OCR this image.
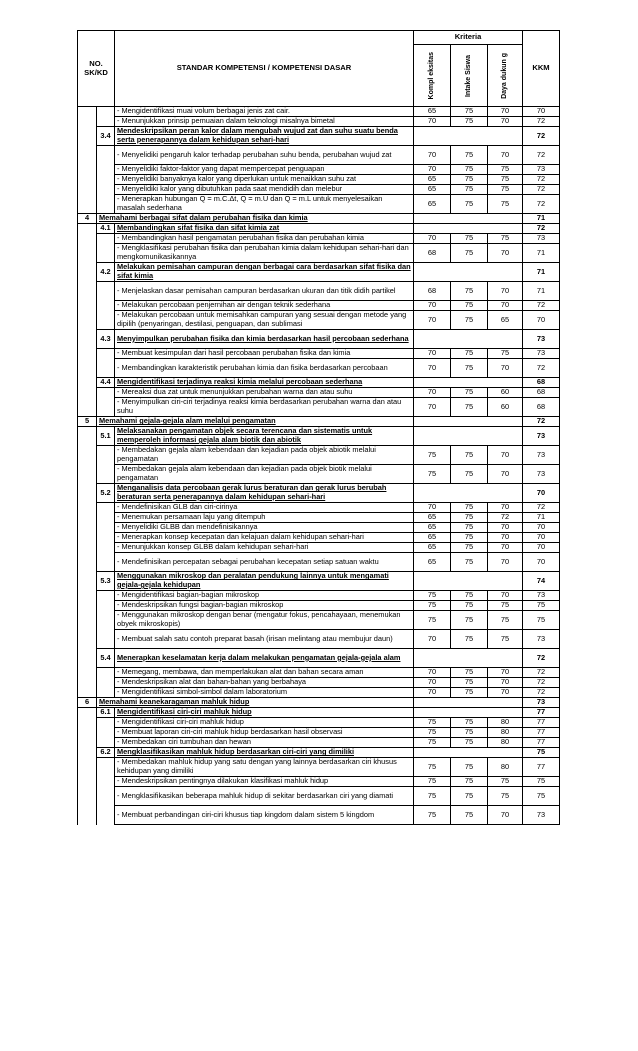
NO. SK/KD		STANDAR KOMPETENSI / KOMPETENSI DASAR	Kriteria			KKM

			Kompl eksitas	Intake Siswa	Daya dukun g	

		- Mengidentifikasi muai volum berbagai jenis zat cair.	65	75	70	70
		- Menunjukkan prinsip pemuaian dalam teknologi misalnya bimetal	70	75	70	72
	3.4	Mendeskripsikan peran kalor dalam mengubah wujud zat dan suhu suatu benda serta penerapannya dalam kehidupan sehari-hari				72
		- Menyelidiki pengaruh kalor terhadap perubahan suhu benda, perubahan wujud zat	70	75	70	72
		- Menyelidiki faktor-faktor yang dapat mempercepat penguapan	70	75	75	73
		- Menyelidiki banyaknya kalor yang diperlukan untuk menaikkan suhu zat	65	75	75	72
		- Menyelidiki kalor yang dibutuhkan pada saat mendidih dan melebur	65	75	75	72
		- Menerapkan hubungan Q = m.C.Δt, Q = m.U dan Q = m.L untuk menyelesaikan masalah sederhana	65	75	75	72
4	Memahami berbagai sifat dalam perubahan fisika dan kimia					71
	4.1	Membandingkan sifat fisika dan sifat kimia zat				72
		- Membandingkan hasil pengamatan perubahan fisika dan perubahan kimia	70	75	75	73
		- Mengklasifikasi perubahan fisika dan perubahan kimia dalam kehidupan sehari-hari dan mengkomunikasikannya	68	75	70	71
	4.2	Melakukan pemisahan campuran dengan berbagai cara berdasarkan sifat fisika dan sifat kimia				71
		- Menjelaskan dasar pemisahan campuran berdasarkan ukuran dan titik didih partikel	68	75	70	71
		- Melakukan percobaan penjernihan air dengan teknik sederhana	70	75	70	72
		- Melakukan percobaan untuk memisahkan campuran yang sesuai dengan metode yang dipilih (penyaringan, destilasi, penguapan, dan sublimasi	70	75	65	70
	4.3	Menyimpulkan perubahan fisika dan kimia berdasarkan hasil percobaan sederhana				73
		- Membuat kesimpulan dari hasil percobaan perubahan fisika dan kimia	70	75	75	73
		- Membandingkan karakteristik perubahan kimia dan fisika berdasarkan percobaan	70	75	70	72
	4.4	Mengidentifikasi terjadinya reaksi kimia melalui percobaan sederhana				68
		- Mereaksi dua zat untuk menunjukkan perubahan warna dan atau suhu	70	75	60	68
		- Menyimpulkan ciri-ciri terjadinya reaksi kimia berdasarkan perubahan warna dan atau suhu	70	75	60	68
5	Memahami gejala-gejala alam melalui pengamatan					72
	5.1	Melaksanakan pengamatan objek secara terencana dan sistematis untuk memperoleh informasi gejala alam biotik dan abiotik				73
		- Membedakan gejala alam kebendaan dan kejadian pada objek abiotik melalui pengamatan	75	75	70	73
		- Membedakan gejala alam kebendaan dan kejadian pada objek biotik melalui pengamatan	75	75	70	73
	5.2	Menganalisis data percobaan gerak lurus beraturan dan gerak lurus berubah beraturan serta penerapannya dalam kehidupan sehari-hari				70
		- Mendefinisikan GLB dan ciri-cirinya	70	75	70	72
		- Menemukan persamaan laju yang ditempuh	65	75	72	71
		- Menyelidiki GLBB dan mendefinisikannya	65	75	70	70
		- Menerapkan konsep kecepatan dan kelajuan dalam kehidupan sehari-hari	65	75	70	70
		- Menunjukkan konsep GLBB dalam kehidupan sehari-hari	65	75	70	70
		- Mendefinisikan percepatan sebagai perubahan kecepatan setiap satuan waktu	65	75	70	70
	5.3	Menggunakan mikroskop dan peralatan pendukung lainnya untuk mengamati gejala-gejala kehidupan				74
		- Mengidentifikasi bagian-bagian mikroskop	75	75	70	73
		- Mendeskripsikan fungsi bagian-bagian mikroskop	75	75	75	75
		- Menggunakan mikroskop dengan benar (mengatur fokus, pencahayaan, menemukan obyek mikroskopis)	75	75	75	75
		- Membuat salah satu contoh preparat basah (irisan melintang atau membujur daun)	70	75	75	73
	5.4	Menerapkan keselamatan kerja dalam melakukan pengamatan gejala-gejala alam				72
		- Memegang, membawa, dan memperlakukan alat dan bahan secara aman	70	75	70	72
		- Mendeskripsikan alat dan bahan-bahan yang berbahaya	70	75	70	72
		- Mengidentifikasi simbol-simbol dalam laboratorium	70	75	70	72
6	Memahami keanekaragaman mahluk hidup					73
	6.1	Mengidentifikasi ciri-ciri mahluk hidup				77
		- Mengidentifikasi ciri-ciri mahluk hidup	75	75	80	77
		- Membuat laporan ciri-ciri mahluk hidup berdasarkan hasil observasi	75	75	80	77
		- Membedakan ciri tumbuhan dan hewan	75	75	80	77
	6.2	Mengklasifikasikan mahluk hidup berdasarkan ciri-ciri yang dimiliki				75
		- Membedakan mahluk hidup yang satu dengan yang lainnya berdasarkan ciri khusus kehidupan yang dimiliki	75	75	80	77
		- Mendeskripsikan pentingnya dilakukan klasifikasi mahluk hidup	75	75	75	75
		- Mengklasifikasikan beberapa mahluk hidup di sekitar berdasarkan ciri yang diamati	75	75	75	75
		- Membuat perbandingan ciri-ciri khusus tiap kingdom dalam sistem 5 kingdom	75	75	70	73
